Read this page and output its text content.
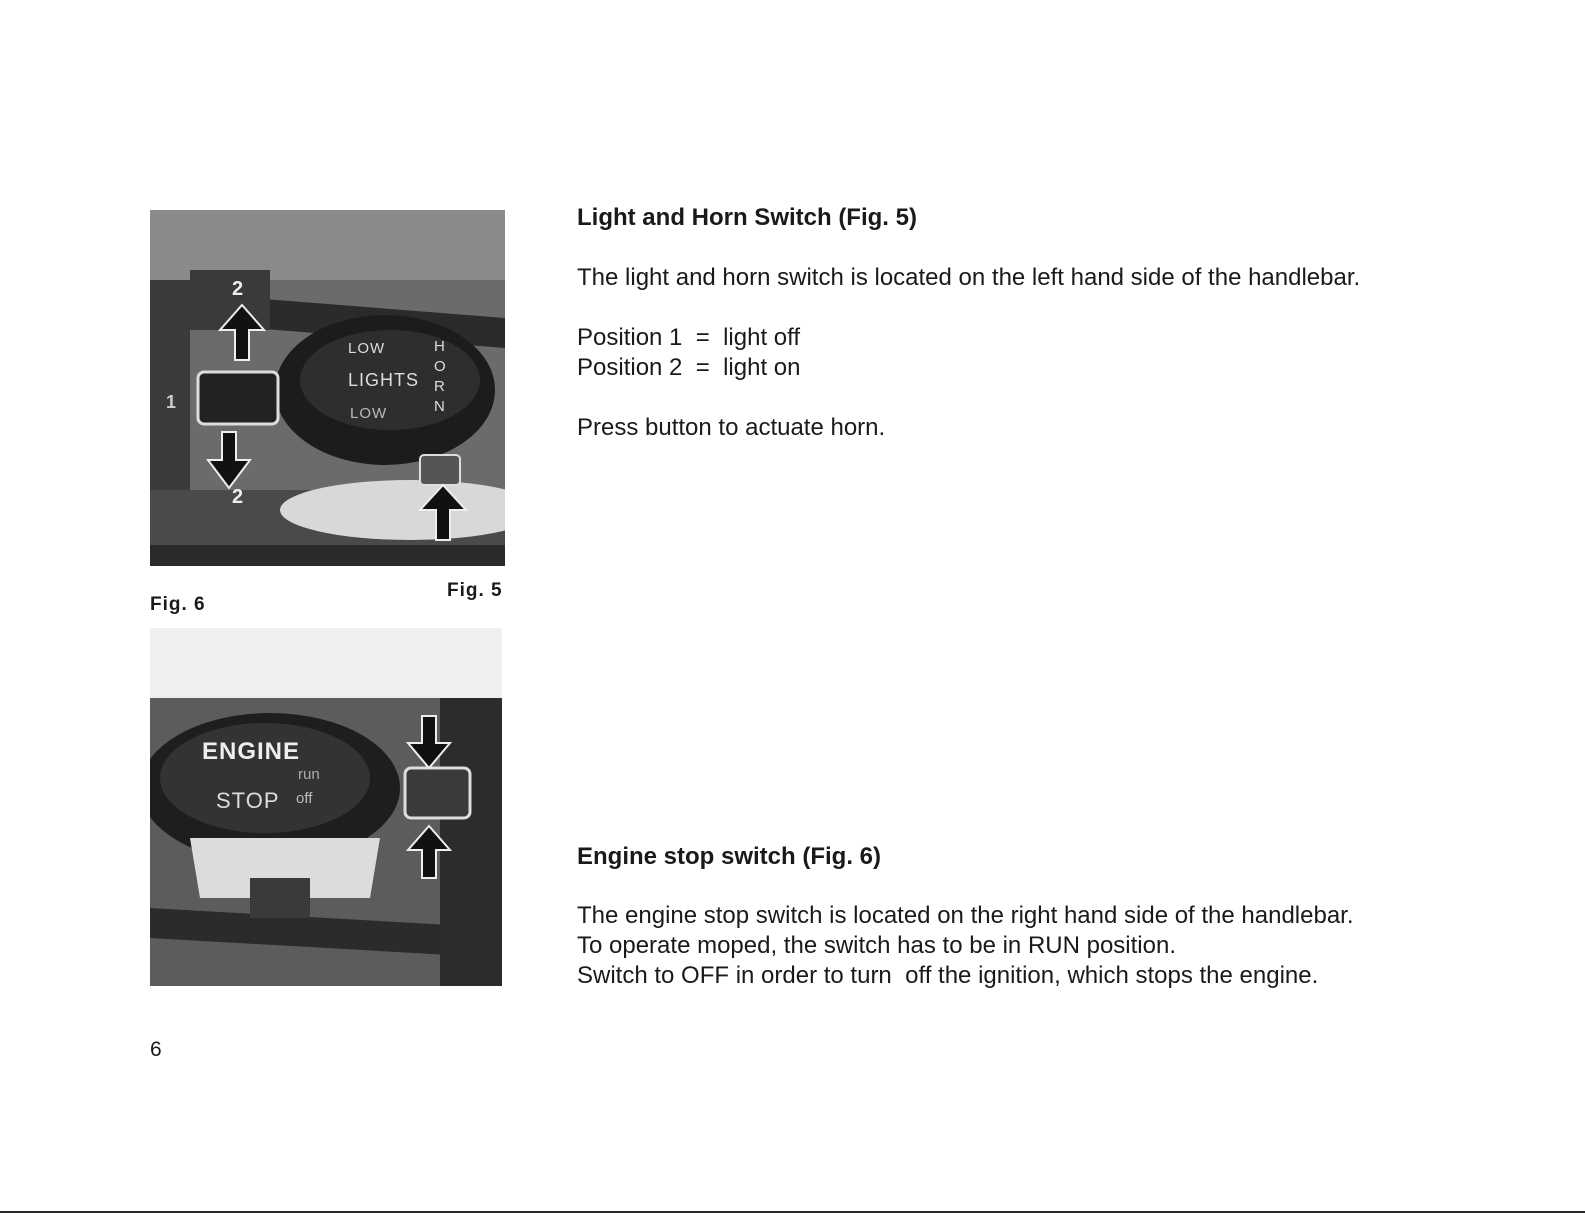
2
1
2
LOW
LIGHTS
LOW
H
O
R
N
Fig. 6
Fig. 5
ENGINE
STOP
run
off
6
Light and Horn Switch (Fig. 5)

The light and horn switch is located on the left hand side of the handlebar.

Position 1  =  light off

Position 2  =  light on

Press button to actuate horn.

Engine stop switch (Fig. 6)

The engine stop switch is located on the right hand side of the handlebar.

To operate moped, the switch has to be in RUN position.

Switch to OFF in order to turn  off the ignition, which stops the engine.
